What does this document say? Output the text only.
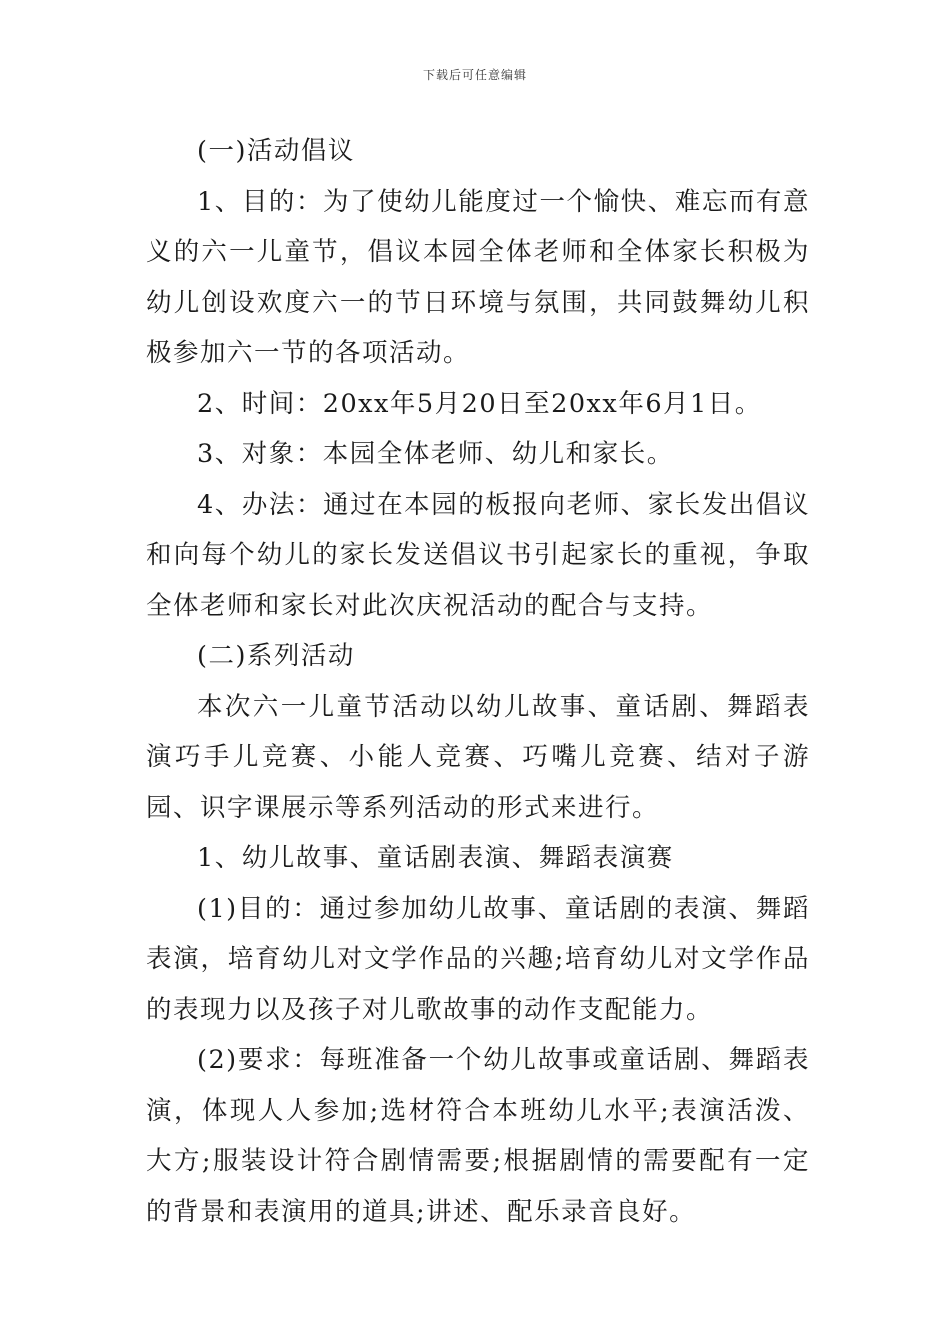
下载后可任意编辑

(一)活动倡议

1、目的：为了使幼儿能度过一个愉快、难忘而有意义的六一儿童节，倡议本园全体老师和全体家长积极为幼儿创设欢度六一的节日环境与氛围，共同鼓舞幼儿积极参加六一节的各项活动。

2、时间：20xx年5月20日至20xx年6月1日。

3、对象：本园全体老师、幼儿和家长。

4、办法：通过在本园的板报向老师、家长发出倡议和向每个幼儿的家长发送倡议书引起家长的重视，争取全体老师和家长对此次庆祝活动的配合与支持。

(二)系列活动

本次六一儿童节活动以幼儿故事、童话剧、舞蹈表演巧手儿竞赛、小能人竞赛、巧嘴儿竞赛、结对子游园、识字课展示等系列活动的形式来进行。

1、幼儿故事、童话剧表演、舞蹈表演赛

(1)目的：通过参加幼儿故事、童话剧的表演、舞蹈表演，培育幼儿对文学作品的兴趣;培育幼儿对文学作品的表现力以及孩子对儿歌故事的动作支配能力。

(2)要求：每班准备一个幼儿故事或童话剧、舞蹈表演，体现人人参加;选材符合本班幼儿水平;表演活泼、大方;服装设计符合剧情需要;根据剧情的需要配有一定的背景和表演用的道具;讲述、配乐录音良好。
